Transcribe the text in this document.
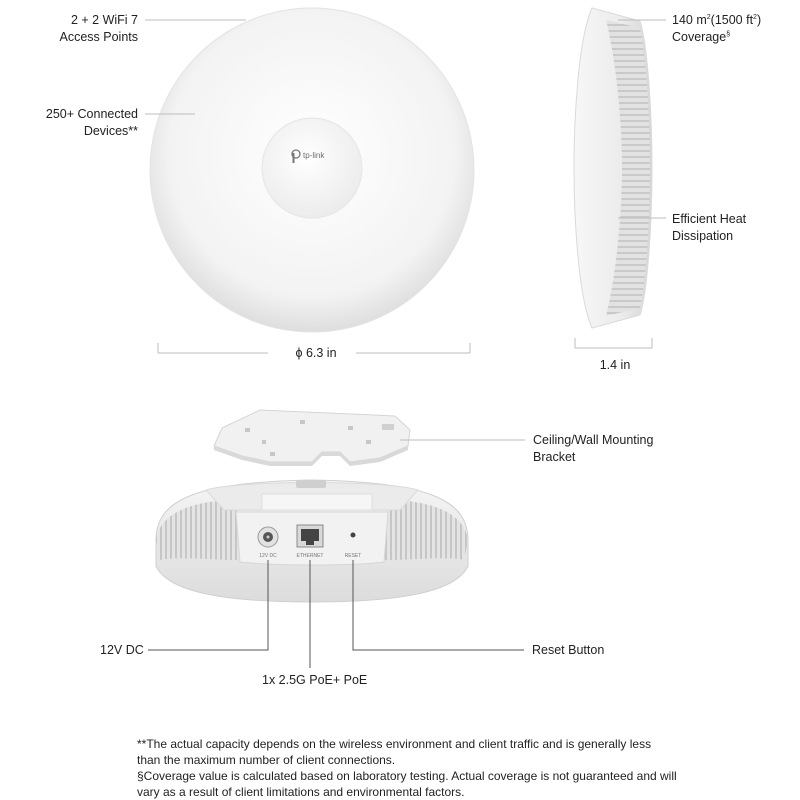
tp-link
12V DC	ETHERNET	RESET
2 + 2 WiFi 7
Access Points
250+ Connected
Devices**
ϕ 6.3 in
140 $m^2(1500$ $ft^2$)
Coverage§
Efficient Heat
Dissipation
1.4 in
Ceiling/Wall Mounting
Bracket
12V DC	Reset Button
1x 2.5G PoE+ PoE
**The actual capacity depends on the wireless environment and client traffic and is generally less than the maximum number of client connections.
§Coverage value is calculated based on laboratory testing. Actual coverage is not guaranteed and will vary as a result of client limitations and environmental factors.
